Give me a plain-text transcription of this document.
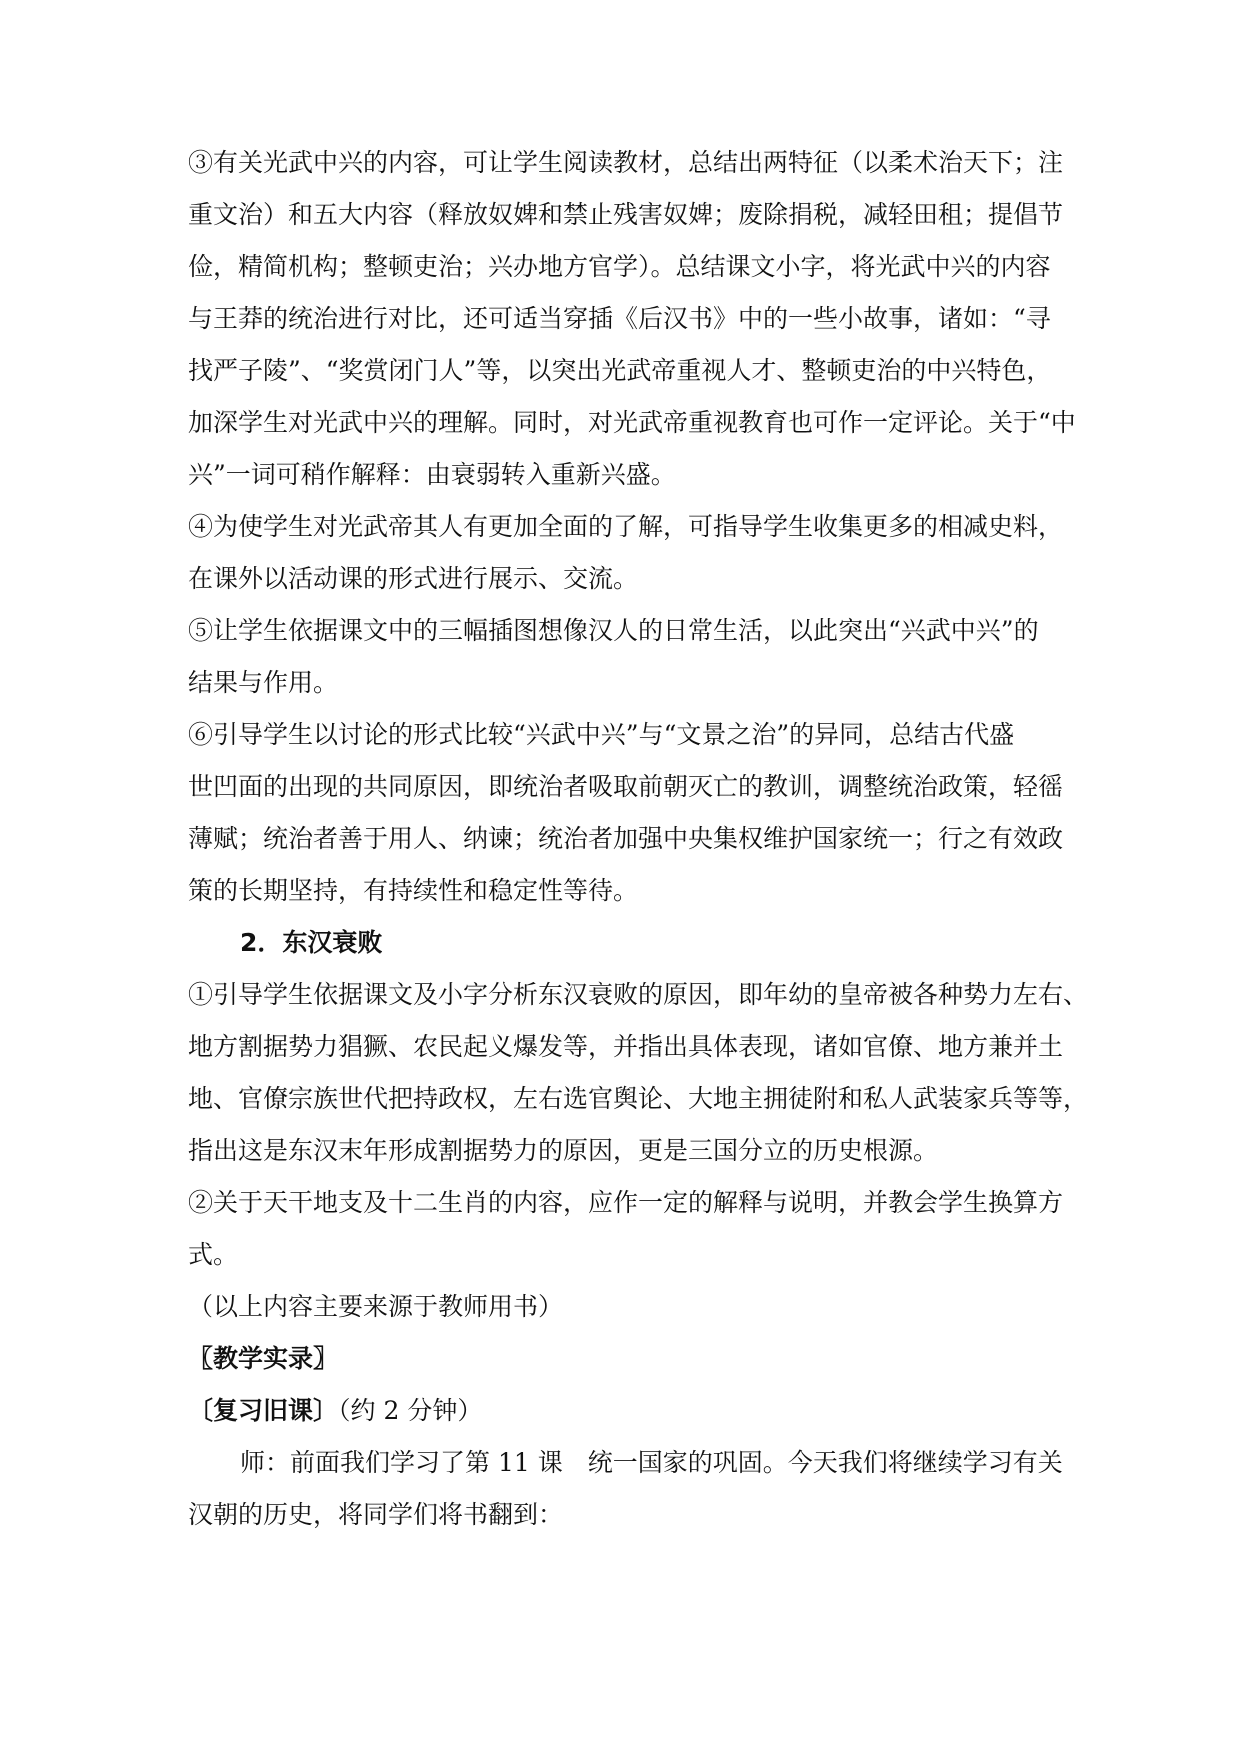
③有关光武中兴的内容，可让学生阅读教材，总结出两特征（以柔术治天下；注
重文治）和五大内容（释放奴婢和禁止残害奴婢；废除捐税，减轻田租；提倡节
俭，精简机构；整顿吏治；兴办地方官学）。总结课文小字，将光武中兴的内容
与王莽的统治进行对比，还可适当穿插《后汉书》中的一些小故事，诸如：“寻
找严子陵”、“奖赏闭门人”等，以突出光武帝重视人才、整顿吏治的中兴特色，
加深学生对光武中兴的理解。同时，对光武帝重视教育也可作一定评论。关于“中
兴”一词可稍作解释：由衰弱转入重新兴盛。
④为使学生对光武帝其人有更加全面的了解，可指导学生收集更多的相减史料，
在课外以活动课的形式进行展示、交流。
⑤让学生依据课文中的三幅插图想像汉人的日常生活，以此突出“兴武中兴”的
结果与作用。
⑥引导学生以讨论的形式比较“兴武中兴”与“文景之治”的异同，总结古代盛
世凹面的出现的共同原因，即统治者吸取前朝灭亡的教训，调整统治政策，轻徭
薄赋；统治者善于用人、纳谏；统治者加强中央集权维护国家统一；行之有效政
策的长期坚持，有持续性和稳定性等待。
2．东汉衰败
①引导学生依据课文及小字分析东汉衰败的原因，即年幼的皇帝被各种势力左右、
地方割据势力猖獗、农民起义爆发等，并指出具体表现，诸如官僚、地方兼并土
地、官僚宗族世代把持政权，左右选官舆论、大地主拥徒附和私人武装家兵等等，
指出这是东汉末年形成割据势力的原因，更是三国分立的历史根源。
②关于天干地支及十二生肖的内容，应作一定的解释与说明，并教会学生换算方
式。
（以上内容主要来源于教师用书）
〖教学实录〗
〔复习旧课〕（约 2 分钟）
师：前面我们学习了第 11 课　统一国家的巩固。今天我们将继续学习有关
汉朝的历史，将同学们将书翻到：
